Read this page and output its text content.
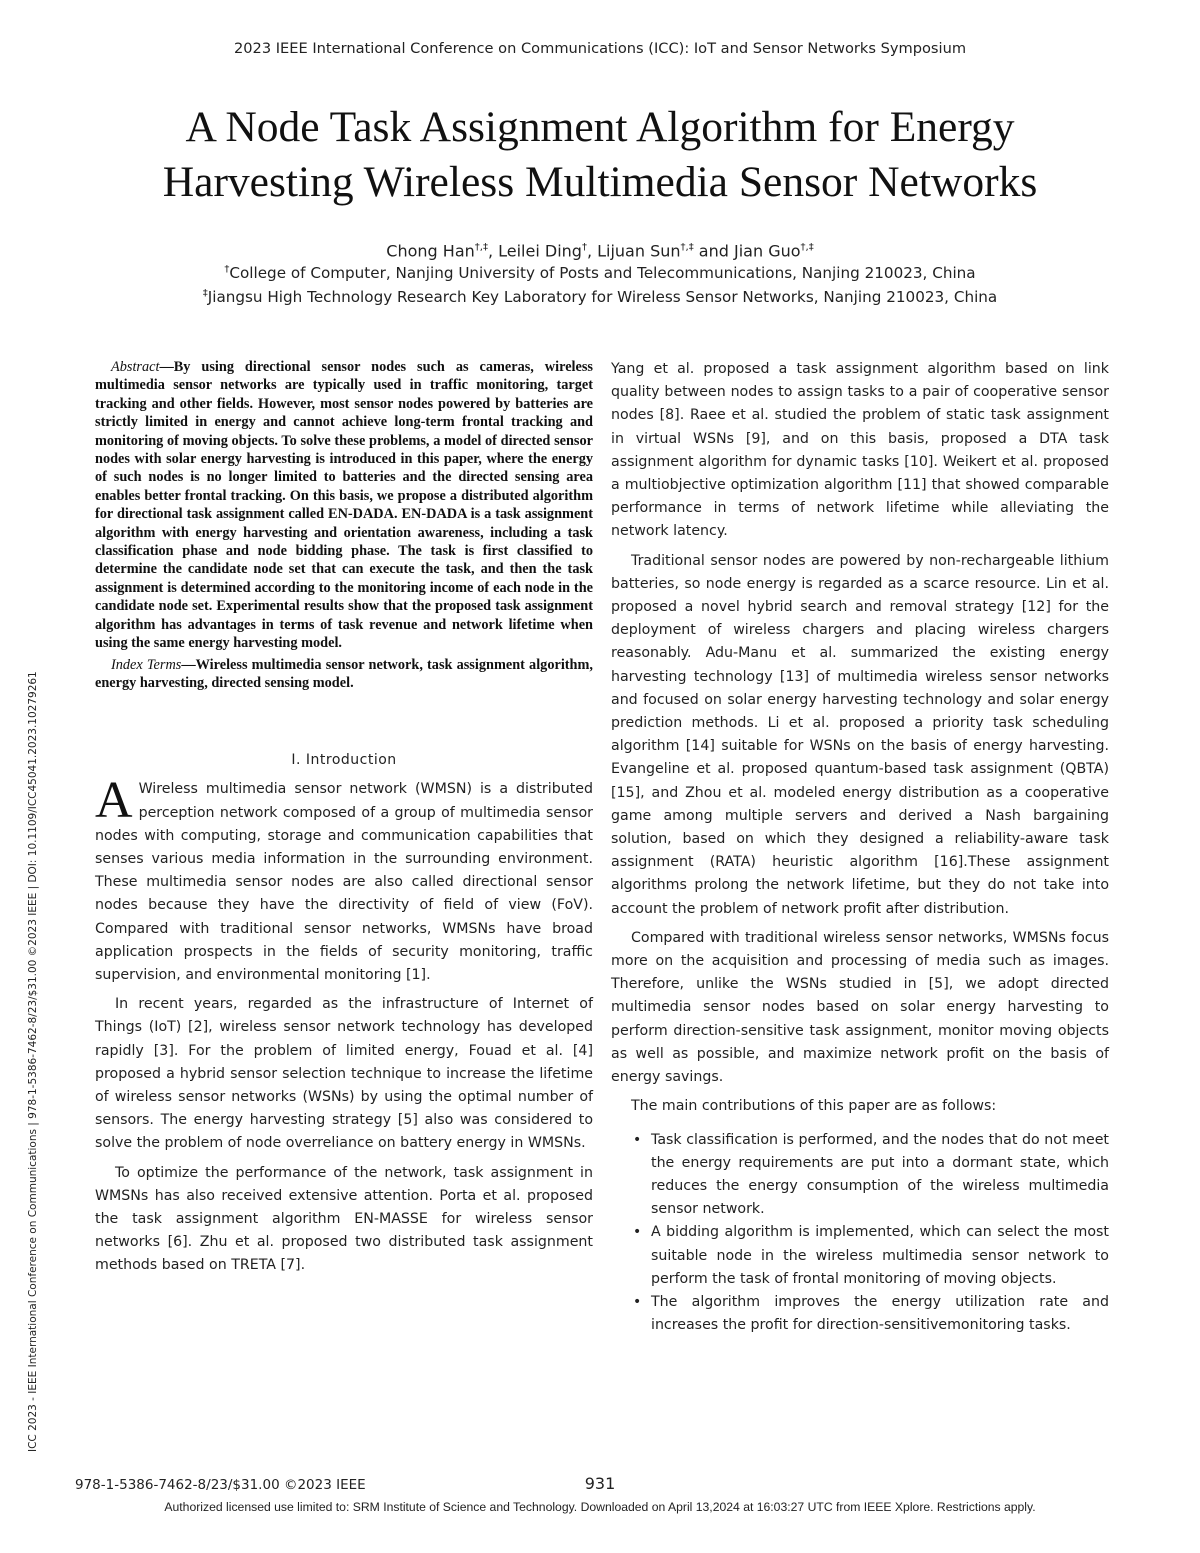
2023 IEEE International Conference on Communications (ICC): IoT and Sensor Networks Symposium
A Node Task Assignment Algorithm for Energy
Harvesting Wireless Multimedia Sensor Networks
Chong Han†,‡, Leilei Ding†, Lijuan Sun†,‡ and Jian Guo†,‡
†College of Computer, Nanjing University of Posts and Telecommunications, Nanjing 210023, China
‡Jiangsu High Technology Research Key Laboratory for Wireless Sensor Networks, Nanjing 210023, China
ICC 2023 - IEEE International Conference on Communications | 978-1-5386-7462-8/23/$31.00 ©2023 IEEE | DOI: 10.1109/ICC45041.2023.10279261

Abstract—By using directional sensor nodes such as cameras, wireless multimedia sensor networks are typically used in traffic monitoring, target tracking and other fields. However, most sensor nodes powered by batteries are strictly limited in energy and cannot achieve long-term frontal tracking and monitoring of moving objects. To solve these problems, a model of directed sensor nodes with solar energy harvesting is introduced in this paper, where the energy of such nodes is no longer limited to batteries and the directed sensing area enables better frontal tracking. On this basis, we propose a distributed algorithm for directional task assignment called EN-DADA. EN-DADA is a task assignment algorithm with energy harvesting and orientation awareness, including a task classification phase and node bidding phase. The task is first classified to determine the candidate node set that can execute the task, and then the task assignment is determined according to the monitoring income of each node in the candidate node set. Experimental results show that the proposed task assignment algorithm has advantages in terms of task revenue and network lifetime when using the same energy harvesting model.

Index Terms—Wireless multimedia sensor network, task assignment algorithm, energy harvesting, directed sensing model.

I. Introduction
A Wireless multimedia sensor network (WMSN) is a distributed perception network composed of a group of multimedia sensor nodes with computing, storage and communication capabilities that senses various media information in the surrounding environment. These multimedia sensor nodes are also called directional sensor nodes because they have the directivity of field of view (FoV). Compared with traditional sensor networks, WMSNs have broad application prospects in the fields of security monitoring, traffic supervision, and environmental monitoring [1].

In recent years, regarded as the infrastructure of Internet of Things (IoT) [2], wireless sensor network technology has developed rapidly [3]. For the problem of limited energy, Fouad et al. [4] proposed a hybrid sensor selection technique to increase the lifetime of wireless sensor networks (WSNs) by using the optimal number of sensors. The energy harvesting strategy [5] also was considered to solve the problem of node overreliance on battery energy in WMSNs.

To optimize the performance of the network, task assignment in WMSNs has also received extensive attention. Porta et al. proposed the task assignment algorithm EN-MASSE for wireless sensor networks [6]. Zhu et al. proposed two distributed task assignment methods based on TRETA [7].

Yang et al. proposed a task assignment algorithm based on link quality between nodes to assign tasks to a pair of cooperative sensor nodes [8]. Raee et al. studied the problem of static task assignment in virtual WSNs [9], and on this basis, proposed a DTA task assignment algorithm for dynamic tasks [10]. Weikert et al. proposed a multiobjective optimization algorithm [11] that showed comparable performance in terms of network lifetime while alleviating the network latency.

Traditional sensor nodes are powered by non-rechargeable lithium batteries, so node energy is regarded as a scarce resource. Lin et al. proposed a novel hybrid search and removal strategy [12] for the deployment of wireless chargers and placing wireless chargers reasonably. Adu-Manu et al. summarized the existing energy harvesting technology [13] of multimedia wireless sensor networks and focused on solar energy harvesting technology and solar energy prediction methods. Li et al. proposed a priority task scheduling algorithm [14] suitable for WSNs on the basis of energy harvesting. Evangeline et al. proposed quantum-based task assignment (QBTA) [15], and Zhou et al. modeled energy distribution as a cooperative game among multiple servers and derived a Nash bargaining solution, based on which they designed a reliability-aware task assignment (RATA) heuristic algorithm [16].These assignment algorithms prolong the network lifetime, but they do not take into account the problem of network profit after distribution.

Compared with traditional wireless sensor networks, WMSNs focus more on the acquisition and processing of media such as images. Therefore, unlike the WSNs studied in [5], we adopt directed multimedia sensor nodes based on solar energy harvesting to perform direction-sensitive task assignment, monitor moving objects as well as possible, and maximize network profit on the basis of energy savings.

The main contributions of this paper are as follows:

• Task classification is performed, and the nodes that do not meet the energy requirements are put into a dormant state, which reduces the energy consumption of the wireless multimedia sensor network.
• A bidding algorithm is implemented, which can select the most suitable node in the wireless multimedia sensor network to perform the task of frontal monitoring of moving objects.
• The algorithm improves the energy utilization rate and increases the profit for direction-sensitivemonitoring tasks.
978-1-5386-7462-8/23/$31.00 ©2023 IEEE	931
Authorized licensed use limited to: SRM Institute of Science and Technology. Downloaded on April 13,2024 at 16:03:27 UTC from IEEE Xplore. Restrictions apply.
